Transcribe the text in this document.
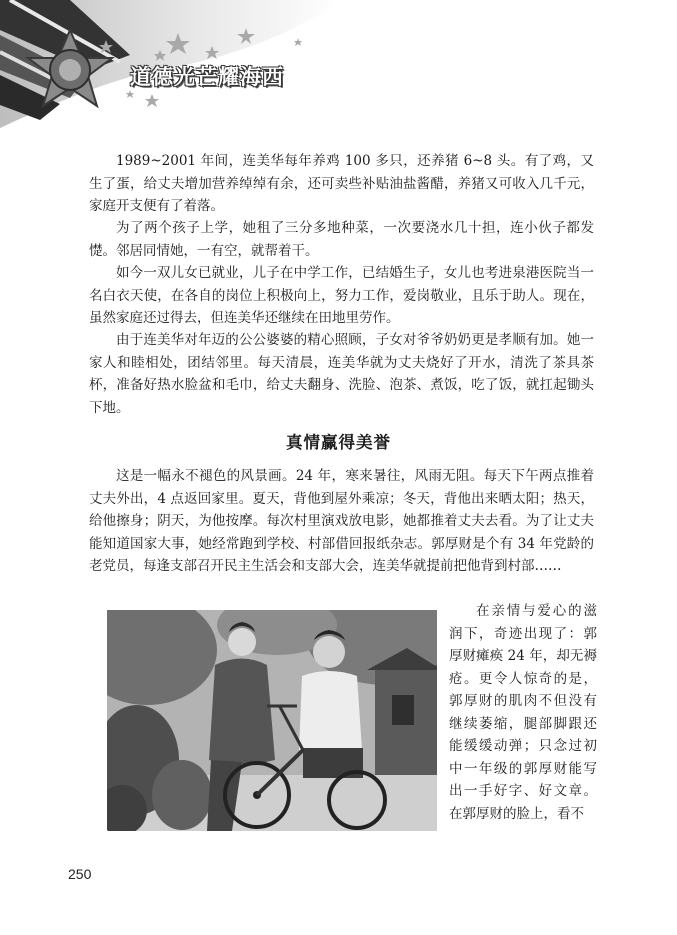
道德光芒耀海西
1989~2001 年间，连美华每年养鸡 100 多只，还养猪 6~8 头。有了鸡，又生了蛋，给丈夫增加营养绰绰有余，还可卖些补贴油盐酱醋，养猪又可收入几千元，家庭开支便有了着落。
为了两个孩子上学，她租了三分多地种菜，一次要浇水几十担，连小伙子都发憷。邻居同情她，一有空，就帮着干。
如今一双儿女已就业，儿子在中学工作，已结婚生子，女儿也考进泉港医院当一名白衣天使，在各自的岗位上积极向上，努力工作，爱岗敬业，且乐于助人。现在，虽然家庭还过得去，但连美华还继续在田地里劳作。
由于连美华对年迈的公公婆婆的精心照顾，子女对爷爷奶奶更是孝顺有加。她一家人和睦相处，团结邻里。每天清晨，连美华就为丈夫烧好了开水，清洗了茶具茶杯，准备好热水脸盆和毛巾，给丈夫翻身、洗脸、泡茶、煮饭，吃了饭，就扛起锄头下地。
真情赢得美誉
这是一幅永不褪色的风景画。24 年，寒来暑往，风雨无阻。每天下午两点推着丈夫外出，4 点返回家里。夏天，背他到屋外乘凉；冬天，背他出来晒太阳；热天，给他擦身；阴天，为他按摩。每次村里演戏放电影，她都推着丈夫去看。为了让丈夫能知道国家大事，她经常跑到学校、村部借回报纸杂志。郭厚财是个有 34 年党龄的老党员，每逢支部召开民主生活会和支部大会，连美华就提前把他背到村部……
在亲情与爱心的滋润下，奇迹出现了：郭厚财瘫痪 24 年，却无褥疮。更令人惊奇的是，郭厚财的肌肉不但没有继续萎缩，腿部脚跟还能缓缓动弹；只念过初中一年级的郭厚财能写出一手好字、好文章。在郭厚财的脸上，看不
250
